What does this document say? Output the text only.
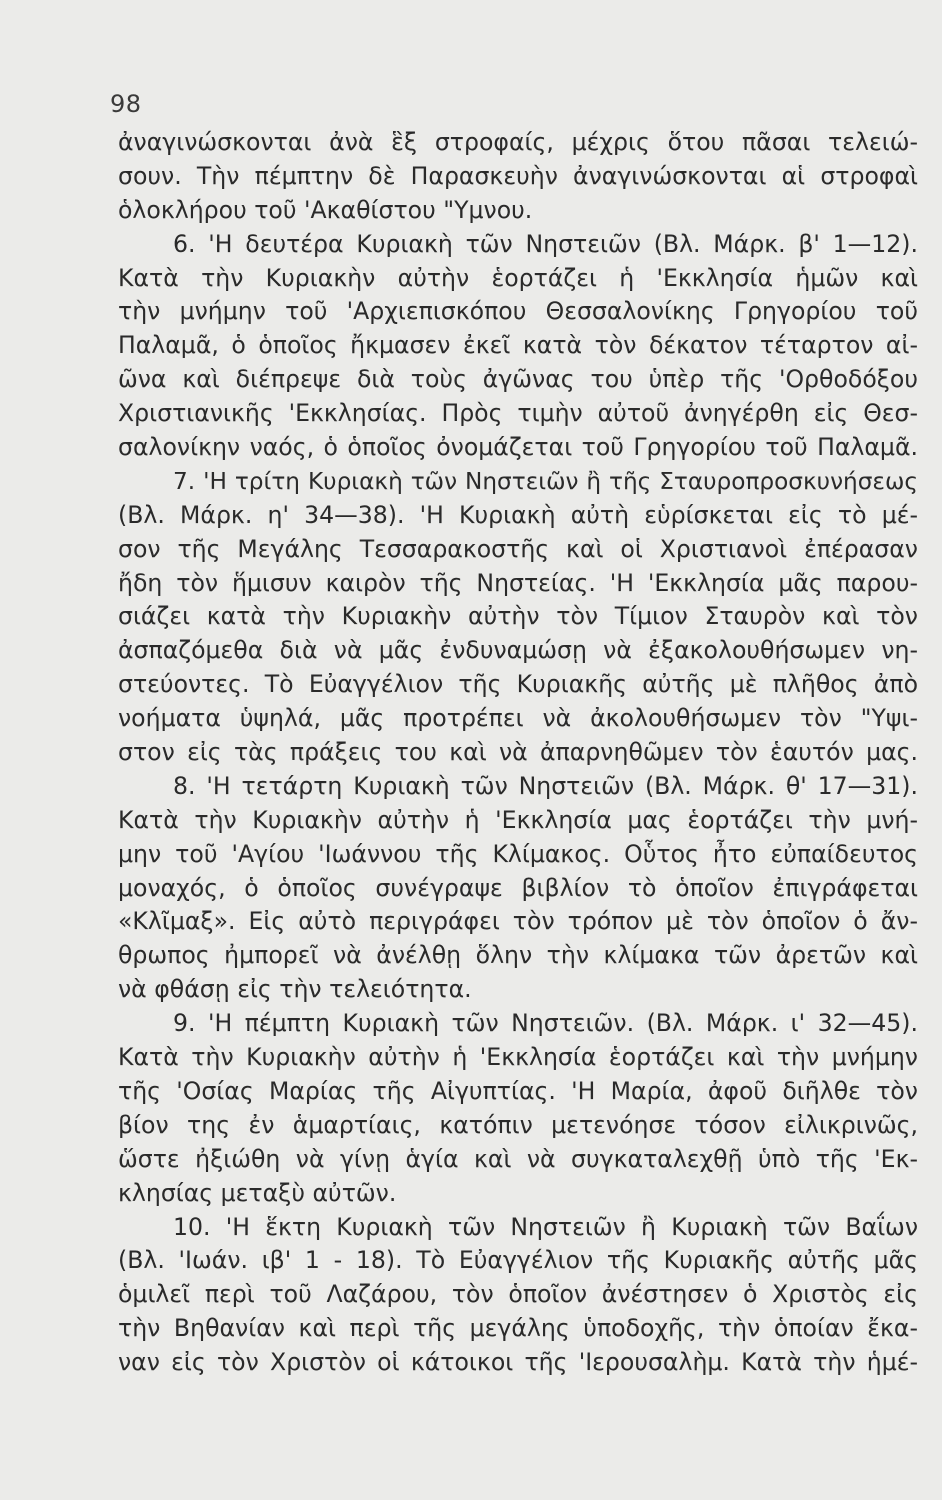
98
ἀναγινώσκονται ἀνὰ ἓξ στροφαίς, μέχρις ὅτου πᾶσαι τελειώ-
σουν. Τὴν πέμπτην δὲ Παρασκευὴν ἀναγινώσκονται αἱ στροφαὶ
ὁλοκλήρου τοῦ 'Ακαθίστου "Υμνου.
6. 'Η δευτέρα Κυριακὴ τῶν Νηστειῶν (Βλ. Μάρκ. β' 1—12).
Κατὰ τὴν Κυριακὴν αὐτὴν ἑορτάζει ἡ 'Εκκλησία ἡμῶν καὶ
τὴν μνήμην τοῦ 'Αρχιεπισκόπου Θεσσαλονίκης Γρηγορίου τοῦ
Παλαμᾶ, ὁ ὁποῖος ἤκμασεν ἐκεῖ κατὰ τὸν δέκατον τέταρτον αἰ-
ῶνα καὶ διέπρεψε διὰ τοὺς ἀγῶνας του ὑπὲρ τῆς 'Ορθοδόξου
Χριστιανικῆς 'Εκκλησίας. Πρὸς τιμὴν αὐτοῦ ἀνηγέρθη εἰς Θεσ-
σαλονίκην ναός, ὁ ὁποῖος ὀνομάζεται τοῦ Γρηγορίου τοῦ Παλαμᾶ.
7. 'Η τρίτη Κυριακὴ τῶν Νηστειῶν ἢ τῆς Σταυροπροσκυνήσεως
(Βλ. Μάρκ. η' 34—38). 'Η Κυριακὴ αὐτὴ εὑρίσκεται εἰς τὸ μέ-
σον τῆς Μεγάλης Τεσσαρακοστῆς καὶ οἱ Χριστιανοὶ ἐπέρασαν
ἤδη τὸν ἥμισυν καιρὸν τῆς Νηστείας. 'Η 'Εκκλησία μᾶς παρου-
σιάζει κατὰ τὴν Κυριακὴν αὐτὴν τὸν Τίμιον Σταυρὸν καὶ τὸν
ἀσπαζόμεθα διὰ νὰ μᾶς ἐνδυναμώσῃ νὰ ἐξακολουθήσωμεν νη-
στεύοντες. Τὸ Εὐαγγέλιον τῆς Κυριακῆς αὐτῆς μὲ πλῆθος ἀπὸ
νοήματα ὑψηλά, μᾶς προτρέπει νὰ ἀκολουθήσωμεν τὸν "Υψι-
στον εἰς τὰς πράξεις του καὶ νὰ ἀπαρνηθῶμεν τὸν ἑαυτόν μας.
8. 'Η τετάρτη Κυριακὴ τῶν Νηστειῶν (Βλ. Μάρκ. θ' 17—31).
Κατὰ τὴν Κυριακὴν αὐτὴν ἡ 'Εκκλησία μας ἑορτάζει τὴν μνή-
μην τοῦ 'Αγίου 'Ιωάννου τῆς Κλίμακος. Οὗτος ἦτο εὐπαίδευτος
μοναχός, ὁ ὁποῖος συνέγραψε βιβλίον τὸ ὁποῖον ἐπιγράφεται
«Κλῖμαξ». Εἰς αὐτὸ περιγράφει τὸν τρόπον μὲ τὸν ὁποῖον ὁ ἄν-
θρωπος ἠμπορεῖ νὰ ἀνέλθῃ ὅλην τὴν κλίμακα τῶν ἀρετῶν καὶ
νὰ φθάσῃ εἰς τὴν τελειότητα.
9. 'Η πέμπτη Κυριακὴ τῶν Νηστειῶν. (Βλ. Μάρκ. ι' 32—45).
Κατὰ τὴν Κυριακὴν αὐτὴν ἡ 'Εκκλησία ἑορτάζει καὶ τὴν μνήμην
τῆς 'Οσίας Μαρίας τῆς Αἰγυπτίας. 'Η Μαρία, ἀφοῦ διῆλθε τὸν
βίον της ἐν ἁμαρτίαις, κατόπιν μετενόησε τόσον εἰλικρινῶς,
ὥστε ἠξιώθη νὰ γίνῃ ἁγία καὶ νὰ συγκαταλεχθῇ ὑπὸ τῆς 'Εκ-
κλησίας μεταξὺ αὐτῶν.
10. 'Η ἕκτη Κυριακὴ τῶν Νηστειῶν ἢ Κυριακὴ τῶν Βαΐων
(Βλ. 'Ιωάν. ιβ' 1 - 18). Τὸ Εὐαγγέλιον τῆς Κυριακῆς αὐτῆς μᾶς
ὁμιλεῖ περὶ τοῦ Λαζάρου, τὸν ὁποῖον ἀνέστησεν ὁ Χριστὸς εἰς
τὴν Βηθανίαν καὶ περὶ τῆς μεγάλης ὑποδοχῆς, τὴν ὁποίαν ἔκα-
ναν εἰς τὸν Χριστὸν οἱ κάτοικοι τῆς 'Ιερουσαλὴμ. Κατὰ τὴν ἡμέ-
